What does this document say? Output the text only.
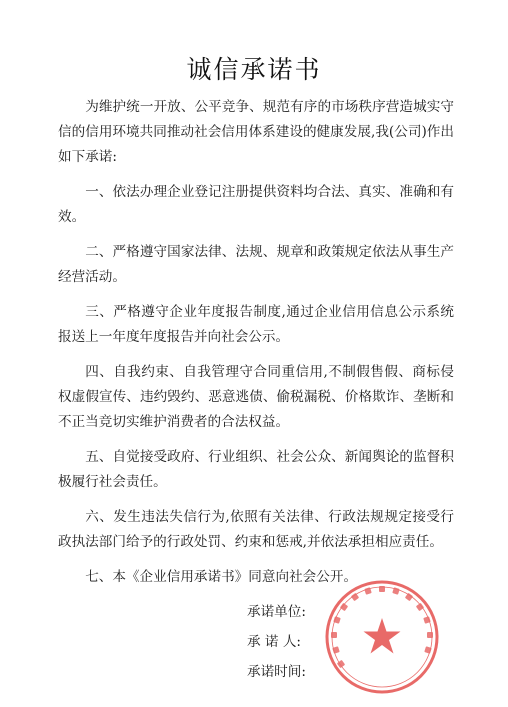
诚信承诺书

为维护统一开放、公平竞争、规范有序的市场秩序营造城实守信的信用环境共同推动社会信用体系建设的健康发展,我(公司)作出如下承诺:

一、依法办理企业登记注册提供资料均合法、真实、准确和有效。

二、严格遵守国家法律、法规、规章和政策规定依法从事生产经营活动。

三、严格遵守企业年度报告制度,通过企业信用信息公示系统报送上一年度年度报告并向社会公示。

四、自我约束、自我管理守合同重信用,不制假售假、商标侵权虚假宣传、违约毁约、恶意逃债、偷税漏税、价格欺诈、垄断和不正当竞切实维护消费者的合法权益。

五、自觉接受政府、行业组织、社会公众、新闻舆论的监督积极履行社会责任。

六、发生违法失信行为,依照有关法律、行政法规规定接受行政执法部门给予的行政处罚、约束和惩戒,并依法承担相应责任。

七、本《企业信用承诺书》同意向社会公开。

承诺单位:
承 诺 人:
承诺时间:
